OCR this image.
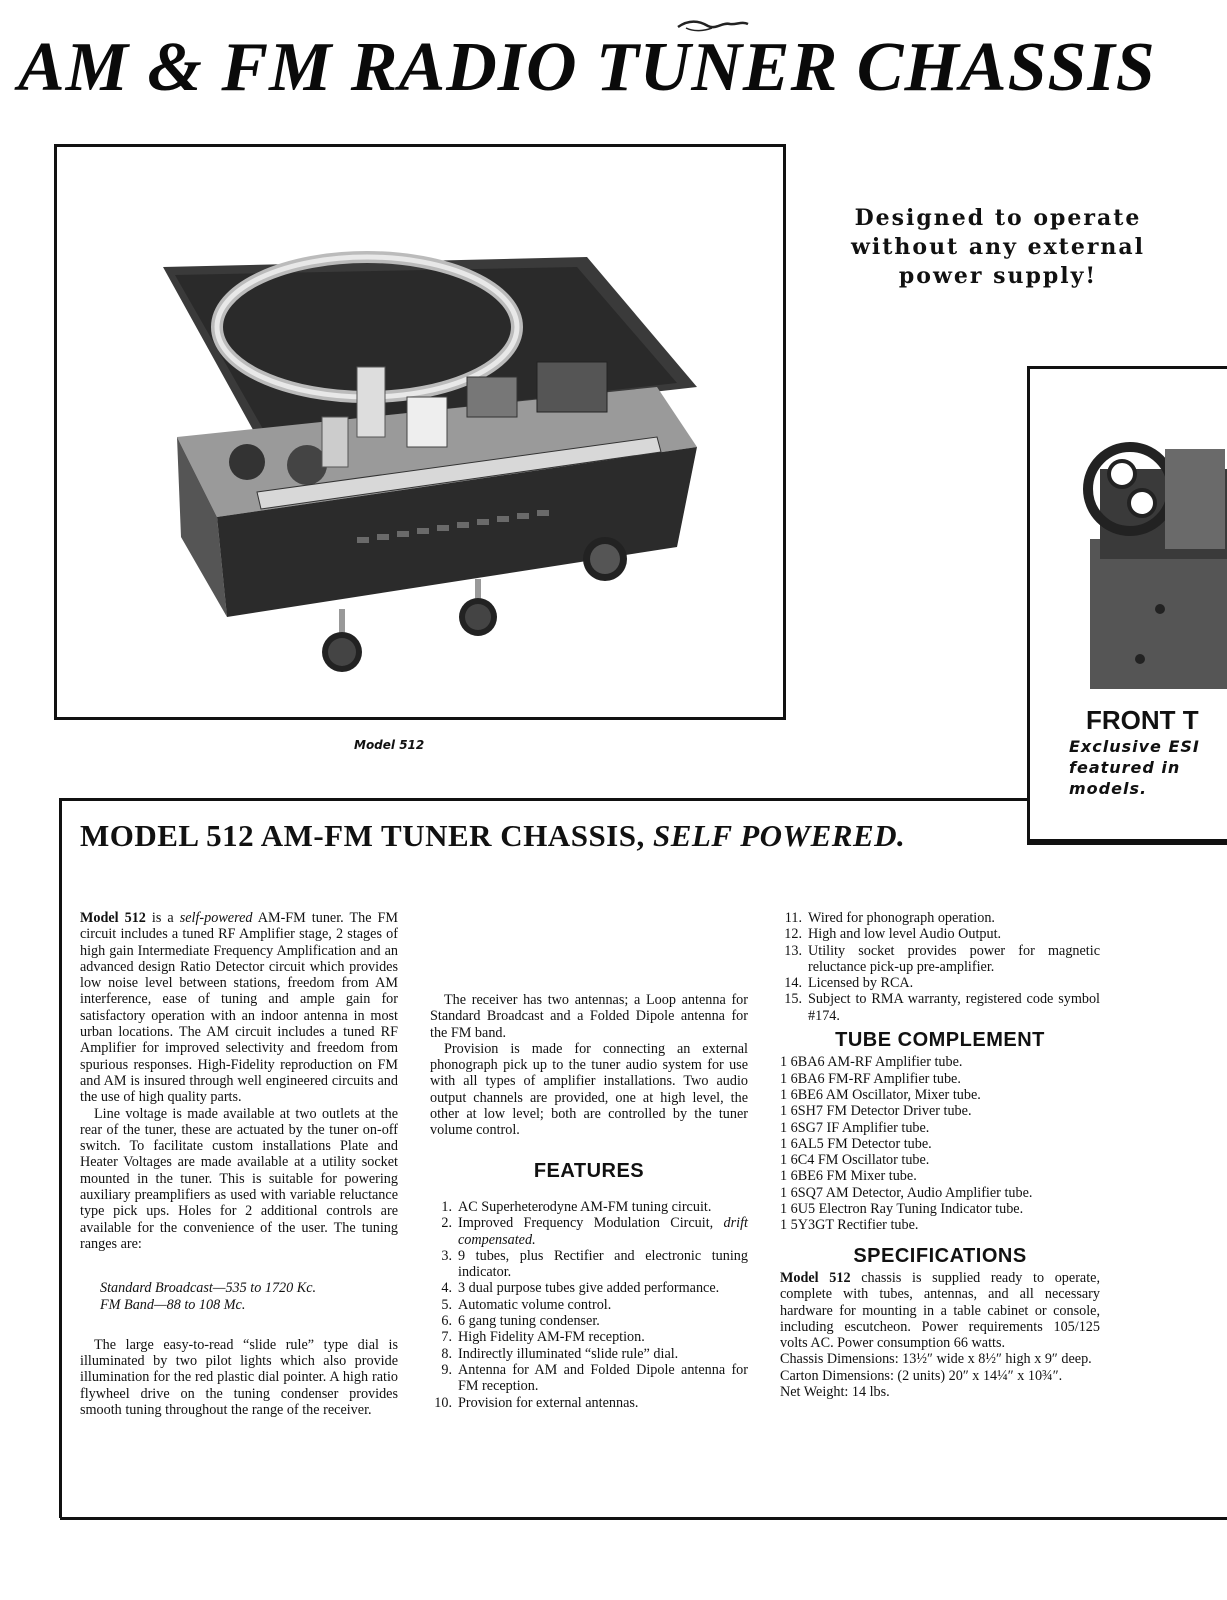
AM & FM RADIO TUNER CHASSIS
Model 512
Designed to operate
without any external
power supply!
FRONT T
Exclusive ESI
featured in
models.
MODEL 512 AM-FM TUNER CHASSIS, SELF POWERED.

Model 512 is a self-powered AM-FM tuner. The FM circuit includes a tuned RF Amplifier stage, 2 stages of high gain Intermediate Frequency Amplification and an advanced design Ratio Detector circuit which provides low noise level between stations, freedom from AM interference, ease of tuning and ample gain for satisfactory operation with an indoor antenna in most urban locations. The AM circuit includes a tuned RF Amplifier for improved selectivity and freedom from spurious responses. High-Fidelity reproduction on FM and AM is insured through well engineered circuits and the use of high quality parts.

Line voltage is made available at two outlets at the rear of the tuner, these are actuated by the tuner on-off switch. To facilitate custom installations Plate and Heater Voltages are made available at a utility socket mounted in the tuner. This is suitable for powering auxiliary preamplifiers as used with variable reluctance type pick ups. Holes for 2 additional controls are available for the convenience of the user. The tuning ranges are:

Standard Broadcast—535 to 1720 Kc.
FM Band—88 to 108 Mc.

The large easy-to-read “slide rule” type dial is illuminated by two pilot lights which also provide illumination for the red plastic dial pointer. A high ratio flywheel drive on the tuning condenser provides smooth tuning throughout the range of the receiver.

The receiver has two antennas; a Loop antenna for Standard Broadcast and a Folded Dipole antenna for the FM band.

Provision is made for connecting an external phonograph pick up to the tuner audio system for use with all types of amplifier installations. Two audio output channels are provided, one at high level, the other at low level; both are controlled by the tuner volume control.

FEATURES

1. AC Superheterodyne AM-FM tuning circuit.
2. Improved Frequency Modulation Circuit, drift compensated.
3. 9 tubes, plus Rectifier and electronic tuning indicator.
4. 3 dual purpose tubes give added performance.
5. Automatic volume control.
6. 6 gang tuning condenser.
7. High Fidelity AM-FM reception.
8. Indirectly illuminated “slide rule” dial.
9. Antenna for AM and Folded Dipole antenna for FM reception.
10. Provision for external antennas.
11. Wired for phonograph operation.
12. High and low level Audio Output.
13. Utility socket provides power for magnetic reluctance pick-up pre-amplifier.
14. Licensed by RCA.
15. Subject to RMA warranty, registered code symbol #174.

TUBE COMPLEMENT

1 6BA6 AM-RF Amplifier tube.
1 6BA6 FM-RF Amplifier tube.
1 6BE6 AM Oscillator, Mixer tube.
1 6SH7 FM Detector Driver tube.
1 6SG7 IF Amplifier tube.
1 6AL5 FM Detector tube.
1 6C4 FM Oscillator tube.
1 6BE6 FM Mixer tube.
1 6SQ7 AM Detector, Audio Amplifier tube.
1 6U5 Electron Ray Tuning Indicator tube.
1 5Y3GT Rectifier tube.

SPECIFICATIONS

Model 512 chassis is supplied ready to operate, complete with tubes, antennas, and all necessary hardware for mounting in a table cabinet or console, including escutcheon. Power requirements 105/125 volts AC. Power consumption 66 watts.

Chassis Dimensions: 13½″ wide x 8½″ high x 9″ deep.

Carton Dimensions: (2 units) 20″ x 14¼″ x 10¾″.

Net Weight: 14 lbs.
